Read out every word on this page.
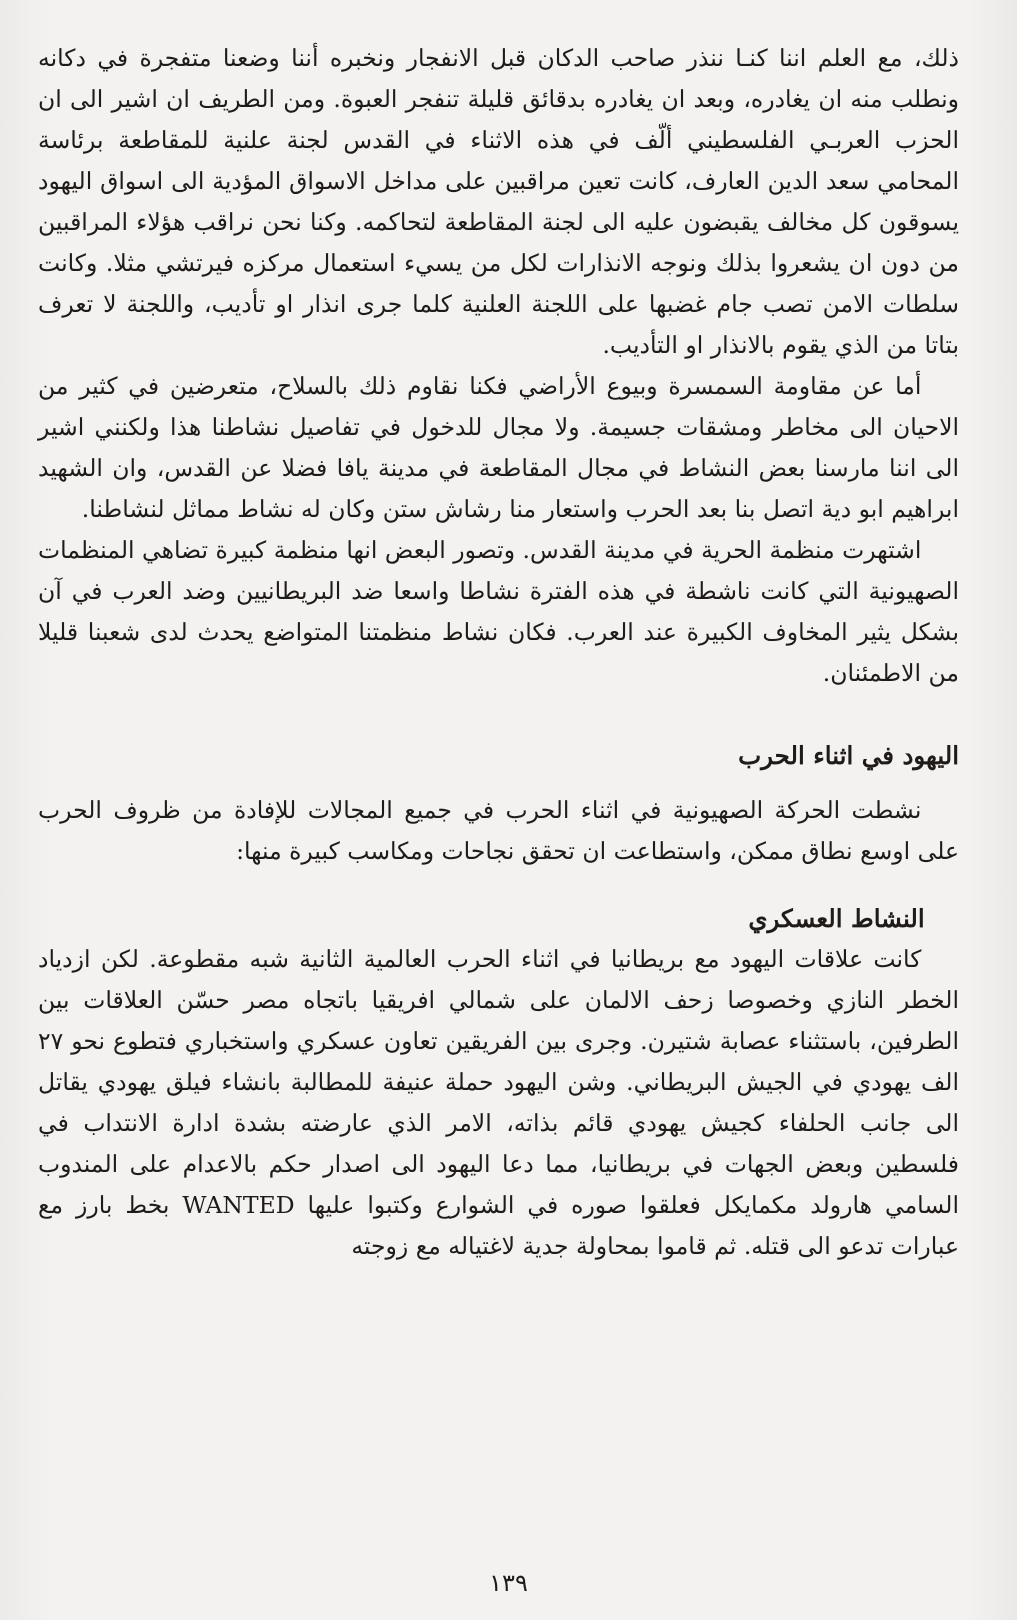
ذلك، مع العلم اننا كنـا ننذر صاحب الدكان قبل الانفجار ونخبره أننا وضعنا متفجرة في دكانه ونطلب منه ان يغادره، وبعد ان يغادره بدقائق قليلة تنفجر العبوة. ومن الطريف ان اشير الى ان الحزب العربـي الفلسطيني ألّف في هذه الاثناء في القدس لجنة علنية للمقاطعة برئاسة المحامي سعد الدين العارف، كانت تعين مراقبين على مداخل الاسواق المؤدية الى اسواق اليهود يسوقون كل مخالف يقبضون عليه الى لجنة المقاطعة لتحاكمه. وكنا نحن نراقب هؤلاء المراقبين من دون ان يشعروا بذلك ونوجه الانذارات لكل من يسيء استعمال مركزه فيرتشي مثلا. وكانت سلطات الامن تصب جام غضبها على اللجنة العلنية كلما جرى انذار او تأديب، واللجنة لا تعرف بتاتا من الذي يقوم بالانذار او التأديب.

أما عن مقاومة السمسرة وبيوع الأراضي فكنا نقاوم ذلك بالسلاح، متعرضين في كثير من الاحيان الى مخاطر ومشقات جسيمة. ولا مجال للدخول في تفاصيل نشاطنا هذا ولكنني اشير الى اننا مارسنا بعض النشاط في مجال المقاطعة في مدينة يافا فضلا عن القدس، وان الشهيد ابراهيم ابو دية اتصل بنا بعد الحرب واستعار منا رشاش ستن وكان له نشاط مماثل لنشاطنا.

اشتهرت منظمة الحرية في مدينة القدس. وتصور البعض انها منظمة كبيرة تضاهي المنظمات الصهيونية التي كانت ناشطة في هذه الفترة نشاطا واسعا ضد البريطانيين وضد العرب في آن بشكل يثير المخاوف الكبيرة عند العرب. فكان نشاط منظمتنا المتواضع يحدث لدى شعبنا قليلا من الاطمئنان.

اليهود في اثناء الحرب

نشطت الحركة الصهيونية في اثناء الحرب في جميع المجالات للإفادة من ظروف الحرب على اوسع نطاق ممكن، واستطاعت ان تحقق نجاحات ومكاسب كبيرة منها:

النشاط العسكري

كانت علاقات اليهود مع بريطانيا في اثناء الحرب العالمية الثانية شبه مقطوعة. لكن ازدياد الخطر النازي وخصوصا زحف الالمان على شمالي افريقيا باتجاه مصر حسّن العلاقات بين الطرفين، باستثناء عصابة شتيرن. وجرى بين الفريقين تعاون عسكري واستخباري فتطوع نحو ٢٧ الف يهودي في الجيش البريطاني. وشن اليهود حملة عنيفة للمطالبة بانشاء فيلق يهودي يقاتل الى جانب الحلفاء كجيش يهودي قائم بذاته، الامر الذي عارضته بشدة ادارة الانتداب في فلسطين وبعض الجهات في بريطانيا، مما دعا اليهود الى اصدار حكم بالاعدام على المندوب السامي هارولد مكمايكل فعلقوا صوره في الشوارع وكتبوا عليها WANTED بخط بارز مع عبارات تدعو الى قتله. ثم قاموا بمحاولة جدية لاغتياله مع زوجته

١٣٩
